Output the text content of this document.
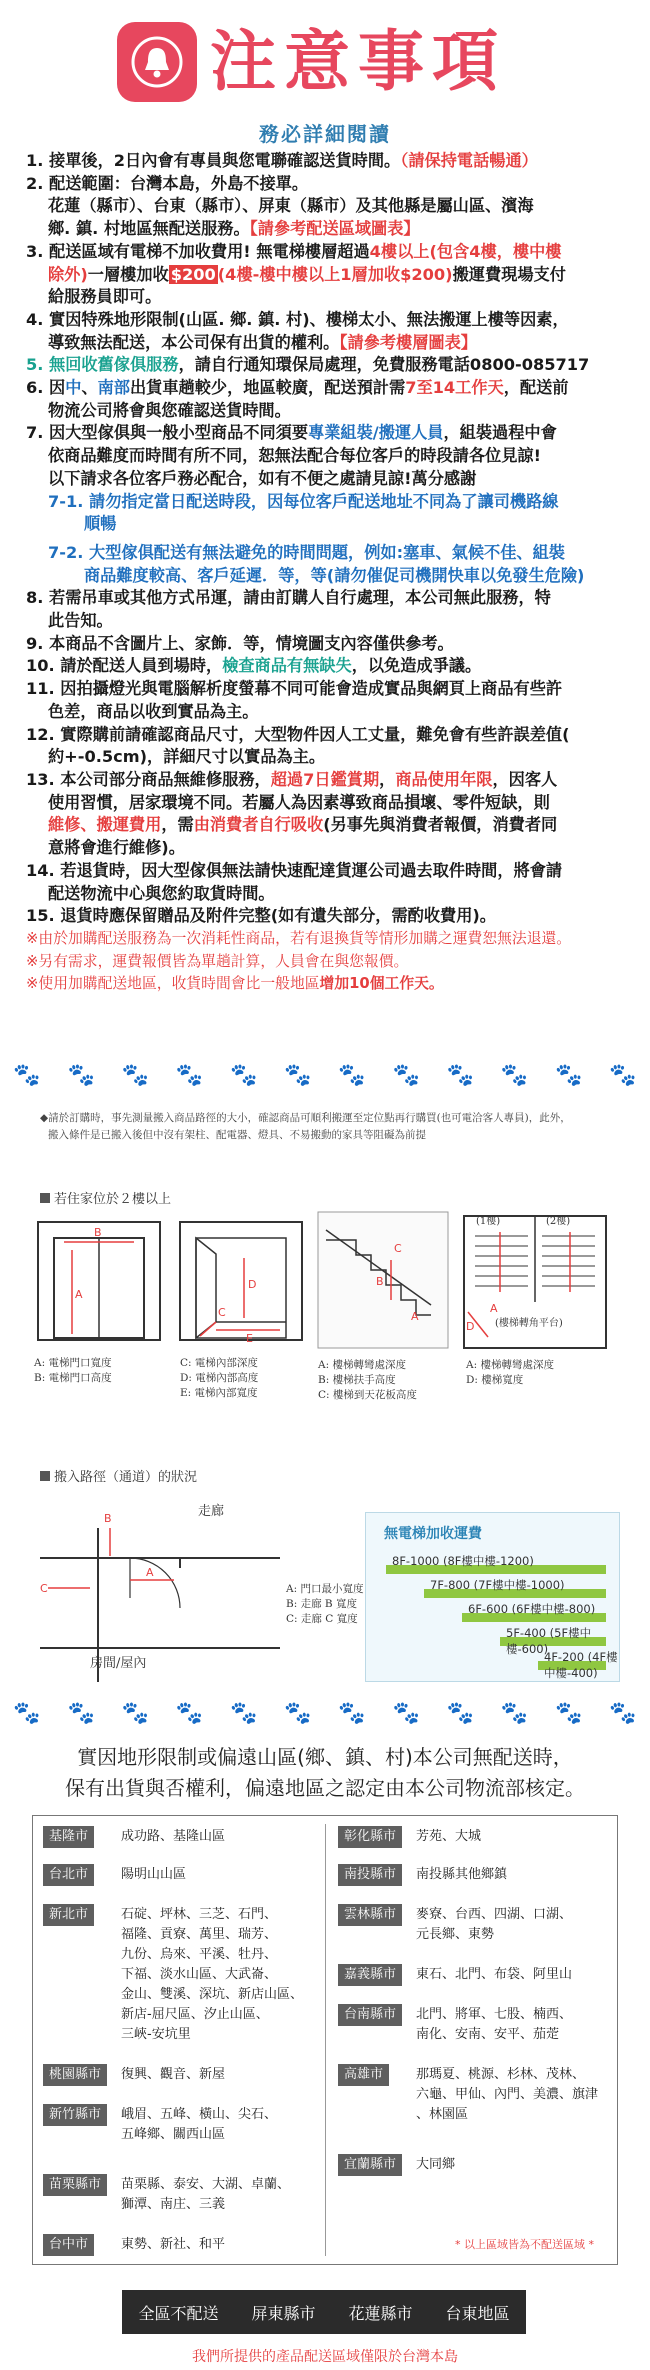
注意事項
務必詳細閱讀

1. 接單後，2日內會有專員與您電聯確認送貨時間。（請保持電話暢通）

2. 配送範圍：台灣本島，外島不接單。

花蓮（縣市）、台東（縣市）、屏東（縣市）及其他縣是屬山區、濱海

鄉. 鎮. 村地區無配送服務。【請參考配送區域圖表】

3. 配送區域有電梯不加收費用! 無電梯樓層超過4樓以上(包含4樓，樓中樓

除外)一層樓加收 $200 (4樓-樓中樓以上1層加收$200)搬運費現場支付

給服務員即可。

4. 實因特殊地形限制(山區. 鄉. 鎮. 村)、樓梯太小、無法搬運上樓等因素，

導致無法配送，本公司保有出貨的權利。【請參考樓層圖表】

5. 無回收舊傢俱服務，請自行通知環保局處理，免費服務電話0800-085717

6. 因中、南部出貨車趟較少，地區較廣，配送預計需7至14工作天，配送前

物流公司將會與您確認送貨時間。

7. 因大型傢俱與一般小型商品不同須要專業組裝/搬運人員，組裝過程中會

依商品難度而時間有所不同，恕無法配合每位客戶的時段請各位見諒!

以下請求各位客戶務必配合，如有不便之處請見諒!萬分感謝

7-1. 請勿指定當日配送時段，因每位客戶配送地址不同為了讓司機路線

順暢

7-2. 大型傢俱配送有無法避免的時間問題，例如:塞車、氣候不佳、組裝

商品難度較高、客戶延遲．等，等(請勿催促司機開快車以免發生危險)

8. 若需吊車或其他方式吊運，請由訂購人自行處理，本公司無此服務，特

此告知。

9. 本商品不含圖片上、家飾．等，情境圖支內容僅供參考。

10. 請於配送人員到場時，檢查商品有無缺失，以免造成爭議。

11. 因拍攝燈光與電腦解析度螢幕不同可能會造成實品與網頁上商品有些許

色差，商品以收到實品為主。

12. 實際購前請確認商品尺寸，大型物件因人工丈量，難免會有些許誤差值(

約+-0.5cm)，詳細尺寸以實品為主。

13. 本公司部分商品無維修服務，超過7日鑑賞期，商品使用年限，因客人

使用習慣，居家環境不同。若屬人為因素導致商品損壞、零件短缺，則

維修、搬運費用，需由消費者自行吸收(另事先與消費者報價，消費者同

意將會進行維修)。

14. 若退貨時，因大型傢俱無法請快速配達貨運公司過去取件時間，將會請

配送物流中心與您約取貨時間。

15. 退貨時應保留贈品及附件完整(如有遺失部分，需酌收費用)。

※由於加購配送服務為一次消耗性商品，若有退換貨等情形加購之運費恕無法退還。

※另有需求，運費報價皆為單趟計算，人員會在與您報價。

※使用加購配送地區，收貨時間會比一般地區增加10個工作天。

🐾 🐾 🐾 🐾 🐾 🐾 🐾 🐾 🐾 🐾 🐾 🐾
◆請於訂購時，事先測量搬入商品路徑的大小，確認商品可順利搬運至定位點再行購買(也可電洽客人專員)，此外，
搬入條件是已搬入後但中沒有架柱、配電器、燈具、不易搬動的家具等阻礙為前提
若住家位於２樓以上
B
A
A: 電梯門口寬度
B: 電梯門口高度
D
E
C
C: 電梯內部深度
D: 電梯內部高度
E: 電梯內部寬度
C
B
A
A: 樓梯轉彎處深度
B: 樓梯扶手高度
C: 樓梯到天花板高度
D
A
(1樓)	(2樓)
(樓梯轉角平台)
A: 樓梯轉彎處深度
D: 樓梯寬度
搬入路徑（通道）的狀況
B
A
C
走廊
房間/屋內
A: 門口最小寬度
B: 走廊 B 寬度
C: 走廊 C 寬度
無電梯加收運費
8F-1000 (8F樓中樓-1200)
7F-800 (7F樓中樓-1000)
6F-600 (6F樓中樓-800)
5F-400 (5F樓中樓-600)
4F-200 (4F樓中樓-400)
🐾 🐾 🐾 🐾 🐾 🐾 🐾 🐾 🐾 🐾 🐾 🐾
實因地形限制或偏遠山區(鄉、鎮、村)本公司無配送時，
保有出貨與否權利，偏遠地區之認定由本公司物流部核定。
基隆市	成功路、基隆山區
台北市	陽明山山區
新北市	石碇、坪林、三芝、石門、
福隆、貢寮、萬里、瑞芳、
九份、烏來、平溪、牡丹、
下福、淡水山區、大武崙、
金山、雙溪、深坑、新店山區、
新店-屈尺區、汐止山區、
三峽-安坑里
桃園縣市	復興、觀音、新屋
新竹縣市	峨眉、五峰、橫山、尖石、
五峰鄉、關西山區
苗栗縣市	苗栗縣、泰安、大湖、卓蘭、
獅潭、南庄、三義
台中市	東勢、新社、和平
彰化縣市	芳苑、大城
南投縣市	南投縣其他鄉鎮
雲林縣市	麥寮、台西、四湖、口湖、
元長鄉、東勢
嘉義縣市	東石、北門、布袋、阿里山
台南縣市	北門、將軍、七股、楠西、
南化、安南、安平、茄萣
高雄市	那瑪夏、桃源、杉林、茂林、
六龜、甲仙、內門、美濃、旗津
、林園區
宜蘭縣市	大同鄉
* 以上區域皆為不配送區域 *
全區不配送 屏東縣市 花蓮縣市 台東地區
我們所提供的產品配送區域僅限於台灣本島
